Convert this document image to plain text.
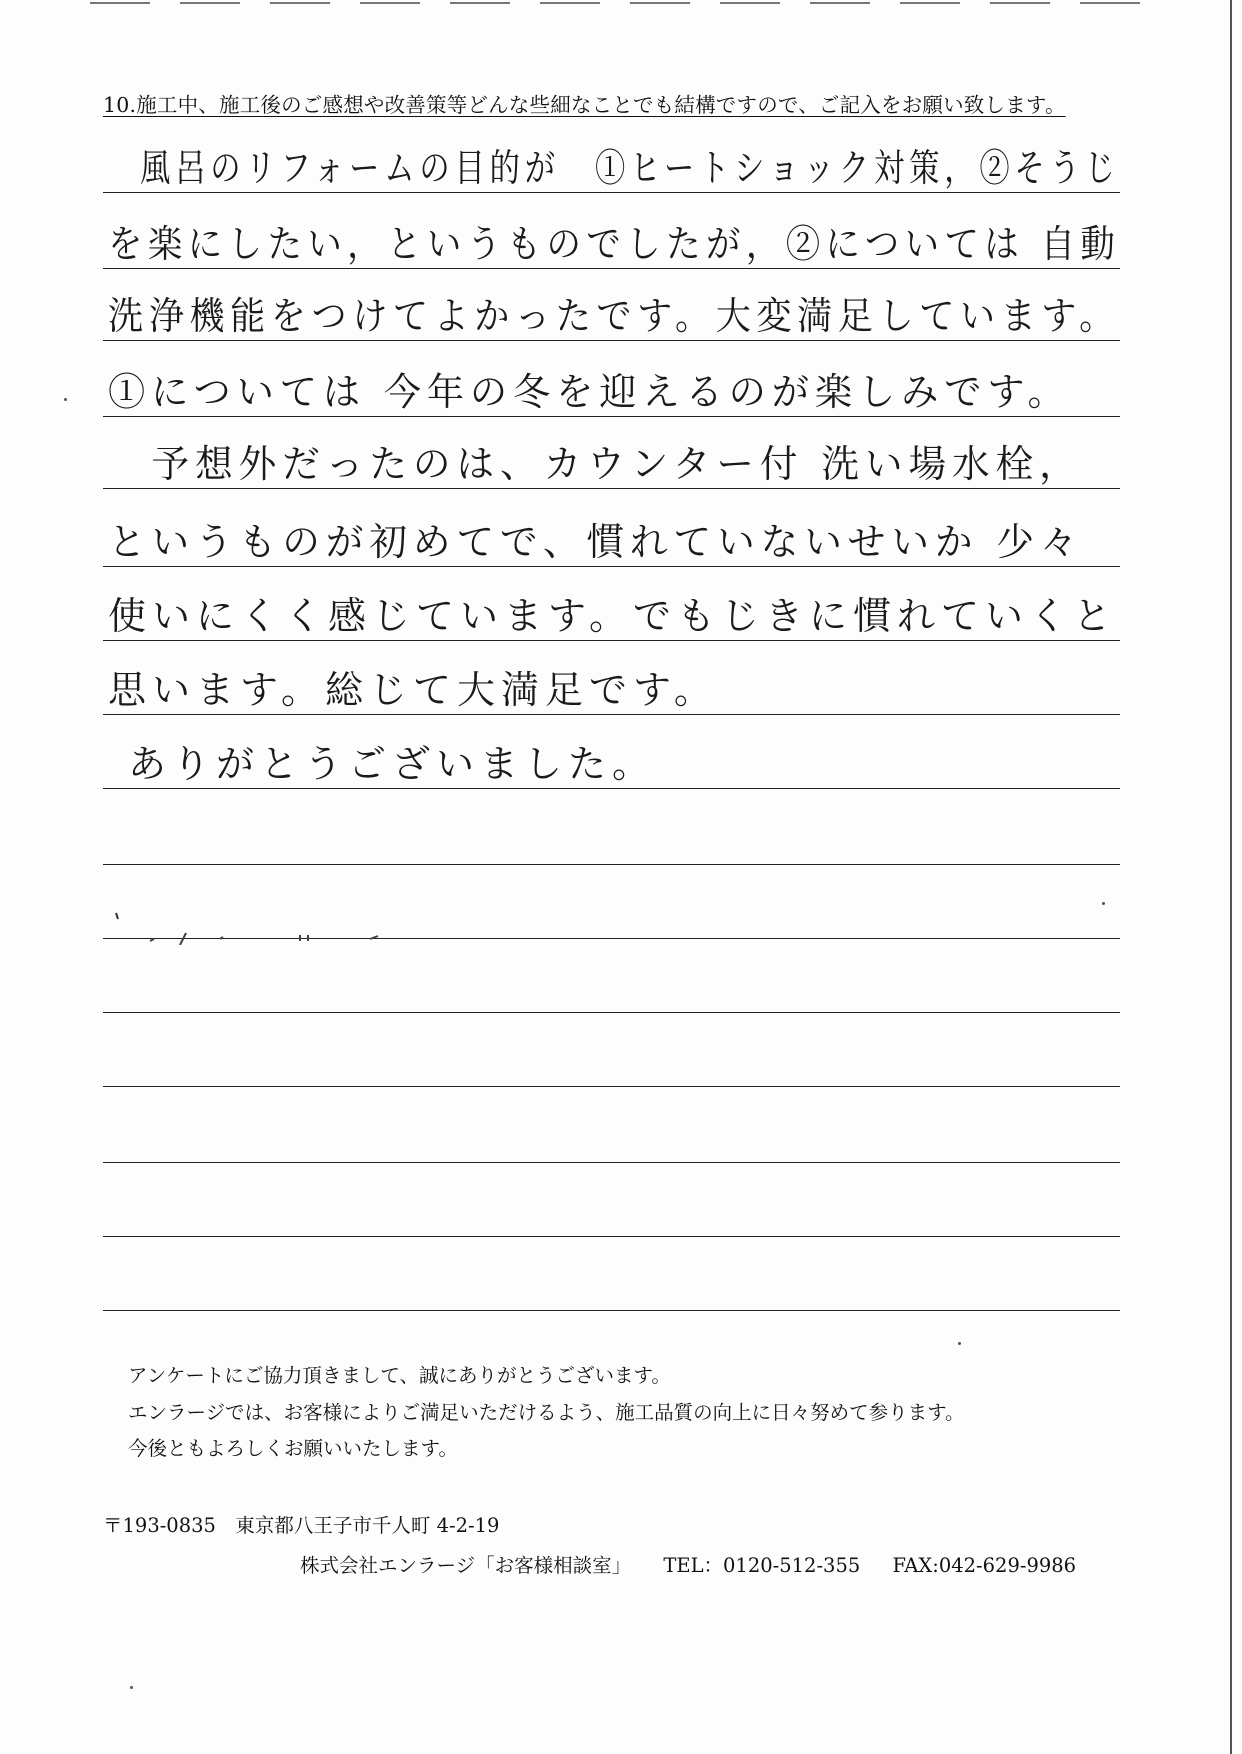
10.施工中、施工後のご感想や改善策等どんな些細なことでも結構ですので、ご記入をお願い致します。
風呂のリフォームの目的が　①ヒートショック対策，②そうじ
を楽にしたい，というものでしたが，②については 自動
洗浄機能をつけてよかったです。大変満足しています。
①については 今年の冬を迎えるのが楽しみです。
　予想外だったのは、カウンター付 洗い場水栓，
というものが初めてで、慣れていないせいか 少々
使いにくく感じています。でもじきに慣れていくと
思います。総じて大満足です。
ありがとうございました。

アンケートにご協力頂きまして、誠にありがとうございます。

エンラージでは、お客様によりご満足いただけるよう、施工品質の向上に日々努めて参ります。

今後ともよろしくお願いいたします。

〒193-0835　東京都八王子市千人町 4-2-19
株式会社エンラージ「お客様相談室」 TEL：0120-512-355 FAX:042-629-9986
